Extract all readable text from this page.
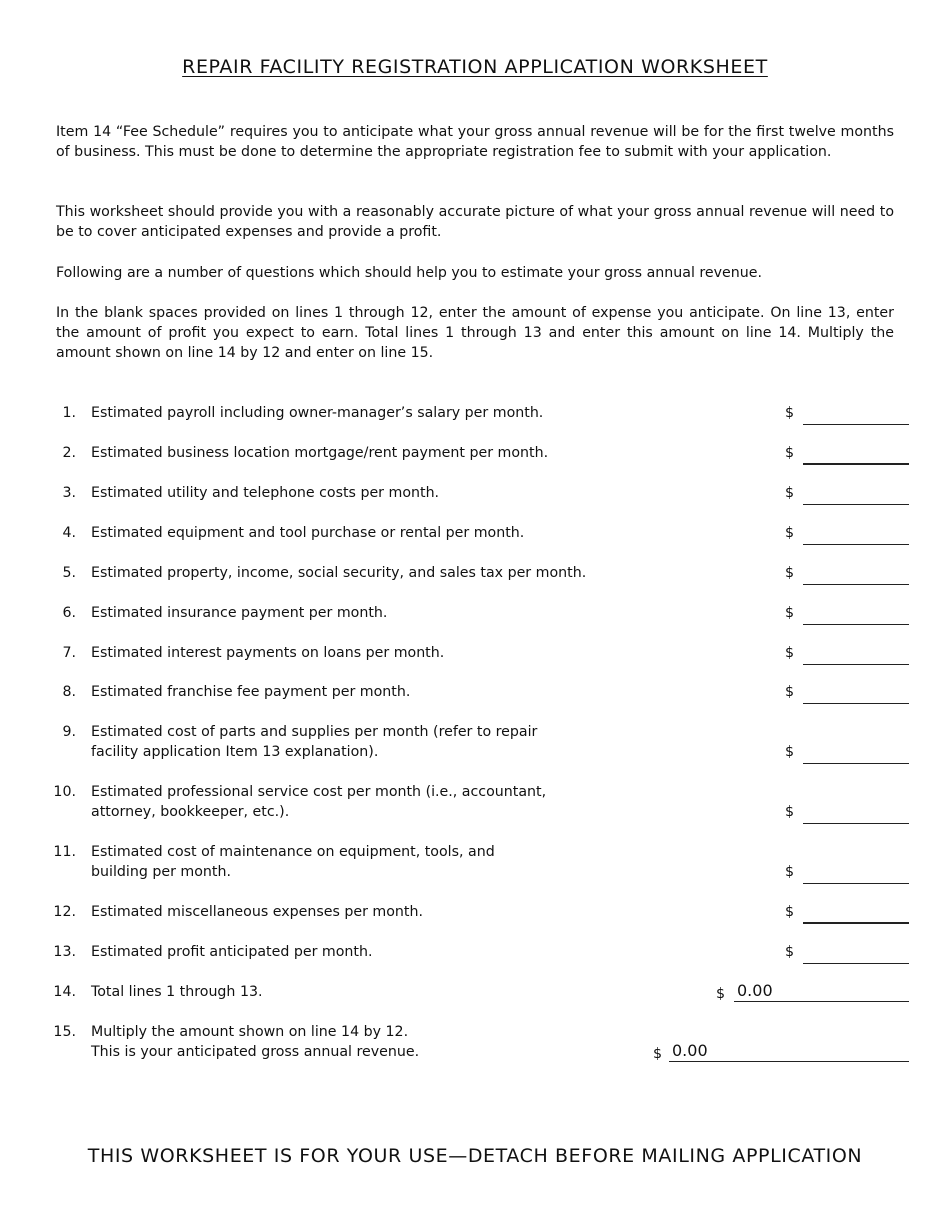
REPAIR FACILITY REGISTRATION APPLICATION WORKSHEET

Item 14 “Fee Schedule” requires you to anticipate what your gross annual revenue will be for the first twelve months of business. This must be done to determine the appropriate registration fee to submit with your application.

This worksheet should provide you with a reasonably accurate picture of what your gross annual revenue will need to be to cover anticipated expenses and provide a profit.

Following are a number of questions which should help you to estimate your gross annual revenue.

In the blank spaces provided on lines 1 through 12, enter the amount of expense you anticipate. On line 13, enter the amount of profit you expect to earn. Total lines 1 through 13 and enter this amount on line 14. Multiply the amount shown on line 14 by 12 and enter on line 15.

1. Estimated payroll including owner-manager’s salary per month.	$
2. Estimated business location mortgage/rent payment per month.	$
3. Estimated utility and telephone costs per month.	$
4. Estimated equipment and tool purchase or rental per month.	$
5. Estimated property, income, social security, and sales tax per month.	$
6. Estimated insurance payment per month.	$
7. Estimated interest payments on loans per month.	$
8. Estimated franchise fee payment per month.	$
9. Estimated cost of parts and supplies per month (refer to repair
facility application Item 13 explanation).	$
10. Estimated professional service cost per month (i.e., accountant,
attorney, bookkeeper, etc.).	$
11. Estimated cost of maintenance on equipment, tools, and
building per month.	$
12. Estimated miscellaneous expenses per month.	$
13. Estimated profit anticipated per month.	$
14. Total lines 1 through 13.	$ 0.00
15. Multiply the amount shown on line 14 by 12.
This is your anticipated gross annual revenue.	$ 0.00
THIS WORKSHEET IS FOR YOUR USE—DETACH BEFORE MAILING APPLICATION
